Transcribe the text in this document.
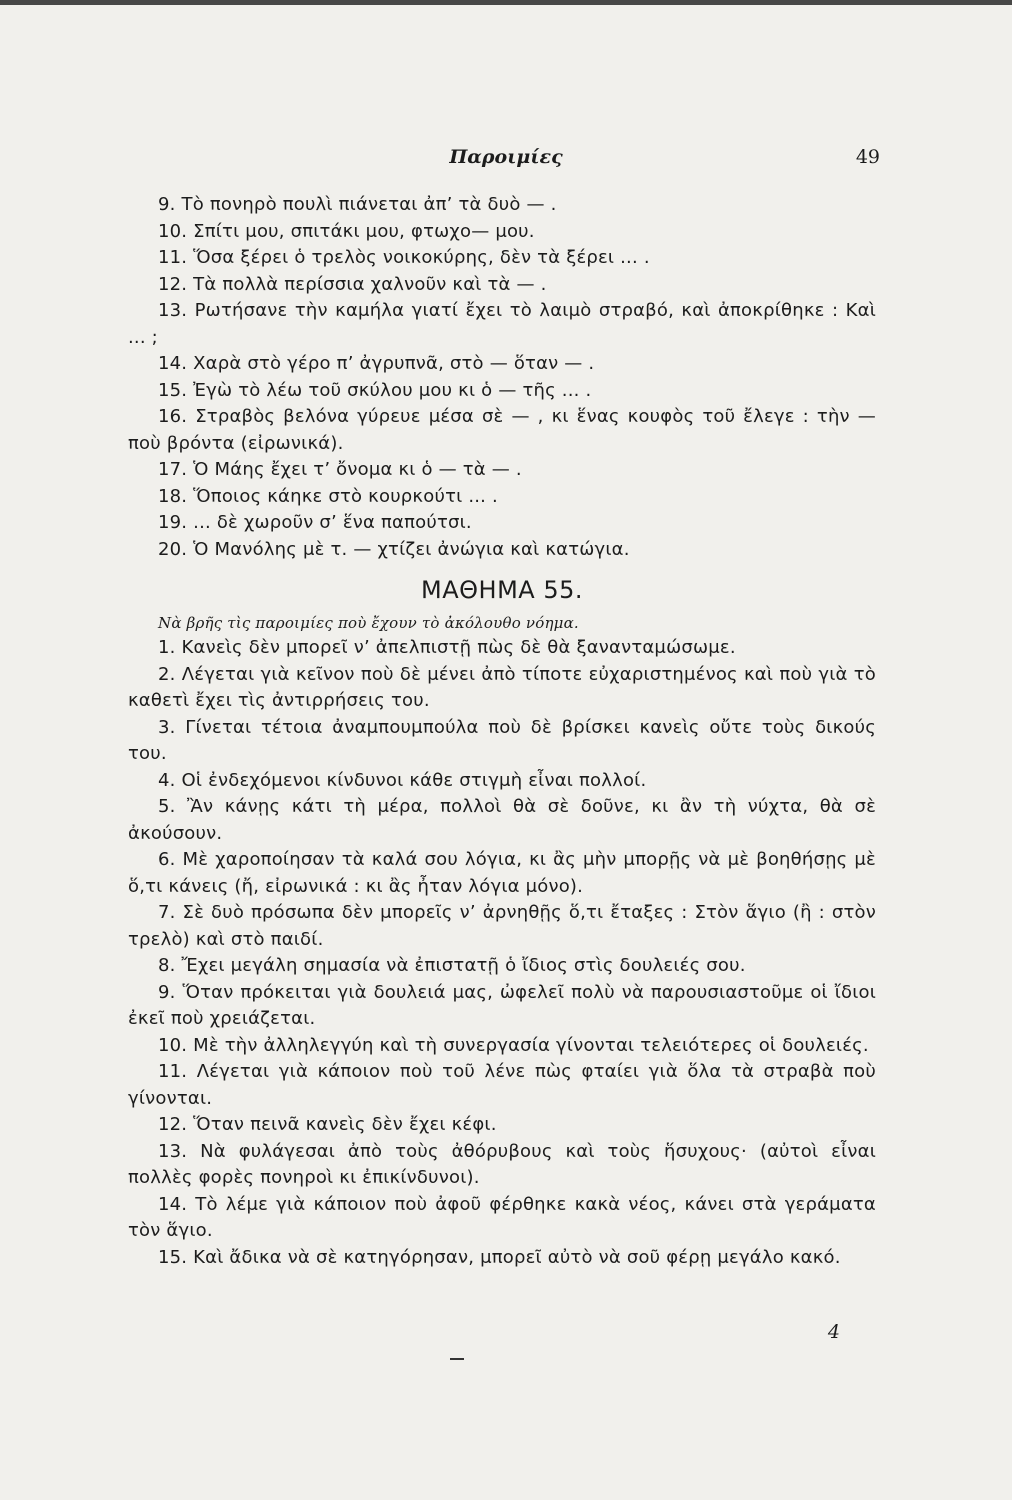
Παροιμίες	49
9. Τὸ πονηρὸ πουλὶ πιάνεται ἀπ’ τὰ δυὸ — .
10. Σπίτι μου, σπιτάκι μου, φτωχο— μου.
11. Ὅσα ξέρει ὁ τρελὸς νοικοκύρης, δὲν τὰ ξέρει ... .
12. Τὰ πολλὰ περίσσια χαλνοῦν καὶ τὰ — .
13. Ρωτήσανε τὴν καμήλα γιατί ἔχει τὸ λαιμὸ στραβό, καὶ ἀποκρίθηκε : Καὶ ... ;
14. Χαρὰ στὸ γέρο π’ ἀγρυπνᾶ, στὸ — ὅταν — .
15. Ἐγὼ τὸ λέω τοῦ σκύλου μου κι ὁ — τῆς ... .
16. Στραβὸς βελόνα γύρευε μέσα σὲ — , κι ἕνας κουφὸς τοῦ ἔλεγε : τὴν — ποὺ βρόντα (εἰρωνικά).
17. Ὁ Μάης ἔχει τ’ ὄνομα κι ὁ — τὰ — .
18. Ὅποιος κάηκε στὸ κουρκούτι ... .
19. ... δὲ χωροῦν σ’ ἕνα παπούτσι.
20. Ὁ Μανόλης μὲ τ. — χτίζει ἀνώγια καὶ κατώγια.
ΜΑΘΗΜΑ 55.
Νὰ βρῆς τὶς παροιμίες ποὺ ἔχουν τὸ ἀκόλουθο νόημα.
1. Κανεὶς δὲν μπορεῖ ν’ ἀπελπιστῇ πὼς δὲ θὰ ξανανταμώσωμε.
2. Λέγεται γιὰ κεῖνον ποὺ δὲ μένει ἀπὸ τίποτε εὐχαριστημένος καὶ ποὺ γιὰ τὸ καθετὶ ἔχει τὶς ἀντιρρήσεις του.
3. Γίνεται τέτοια ἀναμπουμπούλα ποὺ δὲ βρίσκει κανεὶς οὔτε τοὺς δικούς του.
4. Οἱ ἐνδεχόμενοι κίνδυνοι κάθε στιγμὴ εἶναι πολλοί.
5. Ἂν κάνῃς κάτι τὴ μέρα, πολλοὶ θὰ σὲ δοῦνε, κι ἂν τὴ νύχτα, θὰ σὲ ἀκούσουν.
6. Μὲ χαροποίησαν τὰ καλά σου λόγια, κι ἂς μὴν μπορῇς νὰ μὲ βοηθήσῃς μὲ ὅ,τι κάνεις (ἤ, εἰρωνικά : κι ἂς ἦταν λόγια μόνο).
7. Σὲ δυὸ πρόσωπα δὲν μπορεῖς ν’ ἀρνηθῇς ὅ,τι ἔταξες : Στὸν ἅγιο (ἢ : στὸν τρελὸ) καὶ στὸ παιδί.
8. Ἔχει μεγάλη σημασία νὰ ἐπιστατῇ ὁ ἴδιος στὶς δουλειές σου.
9. Ὅταν πρόκειται γιὰ δουλειά μας, ὠφελεῖ πολὺ νὰ παρουσιαστοῦμε οἱ ἴδιοι ἐκεῖ ποὺ χρειάζεται.
10. Μὲ τὴν ἀλληλεγγύη καὶ τὴ συνεργασία γίνονται τελειότερες οἱ δουλειές.
11. Λέγεται γιὰ κάποιον ποὺ τοῦ λένε πὼς φταίει γιὰ ὅλα τὰ στραβὰ ποὺ γίνονται.
12. Ὅταν πεινᾶ κανεὶς δὲν ἔχει κέφι.
13. Νὰ φυλάγεσαι ἀπὸ τοὺς ἀθόρυβους καὶ τοὺς ἥσυχους· (αὐτοὶ εἶναι πολλὲς φορὲς πονηροὶ κι ἐπικίνδυνοι).
14. Τὸ λέμε γιὰ κάποιον ποὺ ἀφοῦ φέρθηκε κακὰ νέος, κάνει στὰ γεράματα τὸν ἅγιο.
15. Καὶ ἄδικα νὰ σὲ κατηγόρησαν, μπορεῖ αὐτὸ νὰ σοῦ φέρῃ μεγάλο κακό.
4
